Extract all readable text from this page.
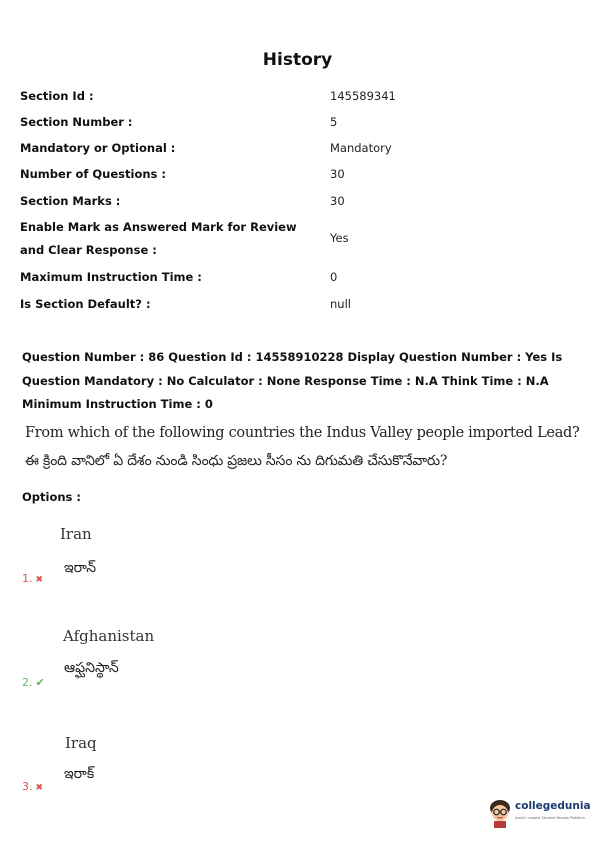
History
Section Id :	145589341
Section Number :	5
Mandatory or Optional :	Mandatory
Number of Questions :	30
Section Marks :	30
Enable Mark as Answered Mark for Review and Clear Response :
Yes
Maximum Instruction Time :	0
Is Section Default? :	null
Question Number : 86 Question Id : 14558910228 Display Question Number : Yes Is Question Mandatory : No Calculator : None Response Time : N.A Think Time : N.A Minimum Instruction Time : 0
From which of the following countries the Indus Valley people imported Lead?
ఈ క్రింది వానిలో ఏ దేశం నుండి సింధు ప్రజలు సీసం ను దిగుమతి చేసుకొనేవారు?
Options :
Iran
ఇరాన్
1. ✖
Afghanistan
ఆఫ్ఘనిస్థాన్
2. ✔
Iraq
ఇరాక్
3. ✖
collegedunia
India's Largest Student Review Platform
